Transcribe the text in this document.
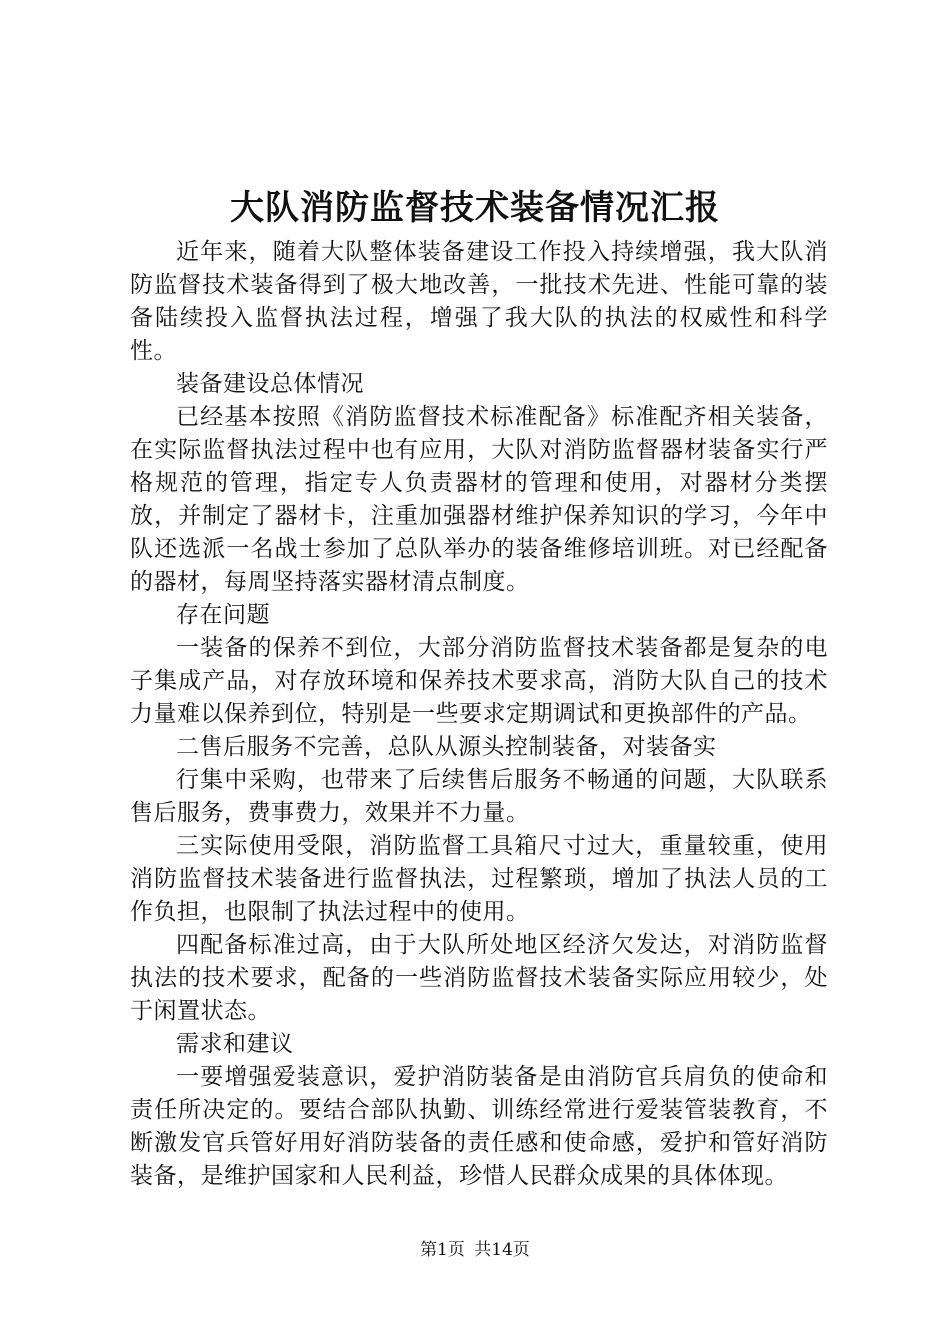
大队消防监督技术装备情况汇报

近年来，随着大队整体装备建设工作投入持续增强，我大队消防监督技术装备得到了极大地改善，一批技术先进、性能可靠的装备陆续投入监督执法过程，增强了我大队的执法的权威性和科学性。

装备建设总体情况

已经基本按照《消防监督技术标准配备》标准配齐相关装备，在实际监督执法过程中也有应用，大队对消防监督器材装备实行严格规范的管理，指定专人负责器材的管理和使用，对器材分类摆放，并制定了器材卡，注重加强器材维护保养知识的学习，今年中队还选派一名战士参加了总队举办的装备维修培训班。对已经配备的器材，每周坚持落实器材清点制度。

存在问题

一装备的保养不到位，大部分消防监督技术装备都是复杂的电子集成产品，对存放环境和保养技术要求高，消防大队自己的技术力量难以保养到位，特别是一些要求定期调试和更换部件的产品。

二售后服务不完善，总队从源头控制装备，对装备实

行集中采购，也带来了后续售后服务不畅通的问题，大队联系售后服务，费事费力，效果并不力量。

三实际使用受限，消防监督工具箱尺寸过大，重量较重，使用消防监督技术装备进行监督执法，过程繁琐，增加了执法人员的工作负担，也限制了执法过程中的使用。

四配备标准过高，由于大队所处地区经济欠发达，对消防监督执法的技术要求，配备的一些消防监督技术装备实际应用较少，处于闲置状态。

需求和建议

一要增强爱装意识，爱护消防装备是由消防官兵肩负的使命和责任所决定的。要结合部队执勤、训练经常进行爱装管装教育，不断激发官兵管好用好消防装备的责任感和使命感，爱护和管好消防装备，是维护国家和人民利益，珍惜人民群众成果的具体体现。

第1页 共14页
